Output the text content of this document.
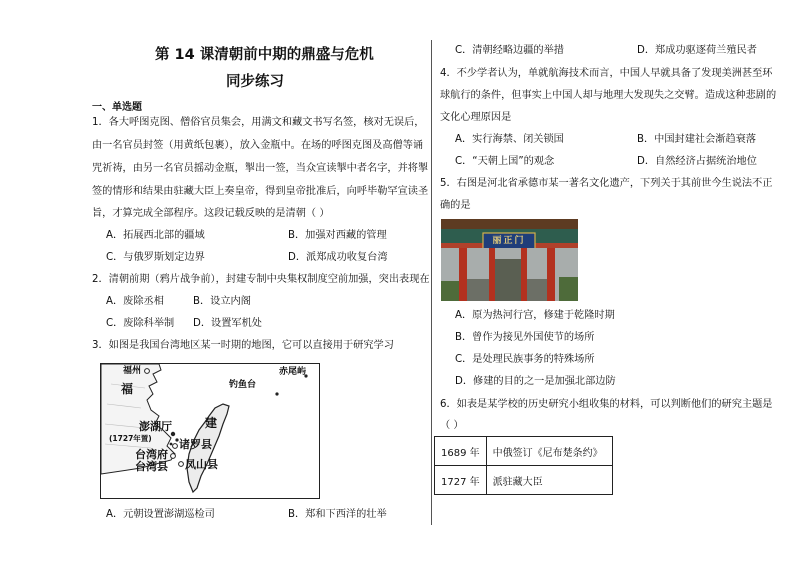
第 14 课清朝前中期的鼎盛与危机
同步练习
一、单选题
1．各大呼图克图、僧俗官员集会，用满文和藏文书写名签，核对无误后，
由一名官员封签（用黄纸包裹），放入金瓶中。在场的呼图克图及高僧等诵
咒祈祷，由另一名官员摇动金瓶，掣出一签，当众宣读掣中者名字，并将掣
签的情形和结果由驻藏大臣上奏皇帝，得到皇帝批准后，向呼毕勒罕宣读圣
旨，才算完成全部程序。这段记载反映的是清朝（ ）
A．拓展西北部的疆域	B．加强对西藏的管理
C．与俄罗斯划定边界	D．派郑成功收复台湾
2．清朝前期（鸦片战争前），封建专制中央集权制度空前加强，突出表现在
A．废除丞相	B．设立内阁
C．废除科举制 D．设置军机处
3．如图是我国台湾地区某一时期的地图，它可以直接用于研究学习
福州
福
建
赤尾屿
钓鱼台
澎湖厅
(1727年置) 诸罗县
台湾府
台湾县 凤山县
A．元朝设置澎湖巡检司	B．郑和下西洋的壮举
C．清朝经略边疆的举措	D．郑成功驱逐荷兰殖民者
4．不少学者认为，单就航海技术而言，中国人早就具备了发现美洲甚至环
球航行的条件，但事实上中国人却与地理大发现失之交臂。造成这种悲剧的
文化心理原因是
A．实行海禁、闭关锁国	B．中国封建社会渐趋衰落
C．“天朝上国”的观念	D．自然经济占据统治地位
5．右图是河北省承德市某一著名文化遗产，下列关于其前世今生说法不正
确的是
丽正门
A．原为热河行宫，修建于乾隆时期
B．曾作为接见外国使节的场所
C．是处理民族事务的特殊场所
D．修建的目的之一是加强北部边防
6．如表是某学校的历史研究小组收集的材料，可以判断他们的研究主题是
（ ）
1689 年	中俄签订《尼布楚条约》
1727 年	派驻藏大臣
